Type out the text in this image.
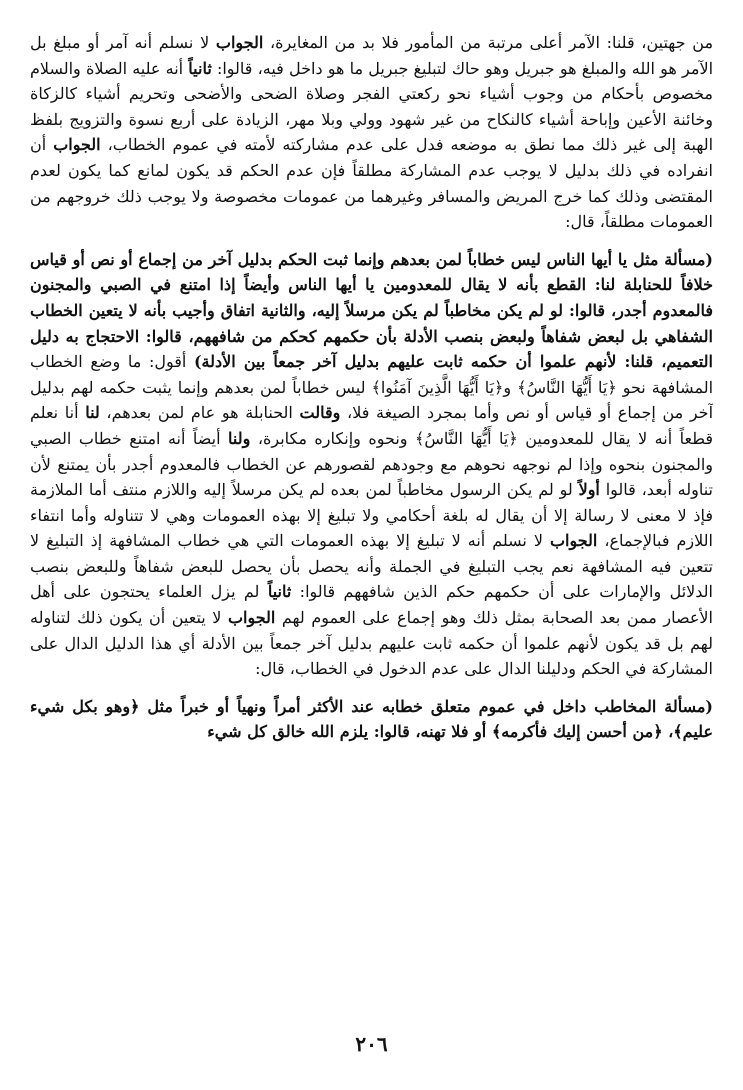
من جهتين، قلنا: الآمر أعلى مرتبة من المأمور فلا بد من المغايرة، الجواب لا نسلم أنه آمر أو مبلغ بل الآمر هو الله والمبلغ هو جبريل وهو حاك لتبليغ جبريل ما هو داخل فيه، قالوا: ثانياً أنه عليه الصلاة والسلام مخصوص بأحكام من وجوب أشياء نحو ركعتي الفجر وصلاة الضحى والأضحى وتحريم أشياء كالزكاة وخائنة الأعين وإباحة أشياء كالنكاح من غير شهود وولي وبلا مهر، الزيادة على أربع نسوة والتزويج بلفظ الهبة إلى غير ذلك مما نطق به موضعه فدل على عدم مشاركته لأمته في عموم الخطاب، الجواب أن انفراده في ذلك بدليل لا يوجب عدم المشاركة مطلقاً فإن عدم الحكم قد يكون لمانع كما يكون لعدم المقتضى وذلك كما خرج المريض والمسافر وغيرهما من عمومات مخصوصة ولا يوجب ذلك خروجهم من العمومات مطلقاً، قال:

(مسألة مثل يا أيها الناس ليس خطاباً لمن بعدهم وإنما ثبت الحكم بدليل آخر من إجماع أو نص أو قياس خلافاً للحنابلة لنا: القطع بأنه لا يقال للمعدومين يا أيها الناس وأيضاً إذا امتنع في الصبي والمجنون فالمعدوم أجدر، قالوا: لو لم يكن مخاطباً لم يكن مرسلاً إليه، والثانية اتفاق وأجيب بأنه لا يتعين الخطاب الشفاهي بل لبعض شفاهاً ولبعض بنصب الأدلة بأن حكمهم كحكم من شافههم، قالوا: الاحتجاج به دليل التعميم، قلنا: لأنهم علموا أن حكمه ثابت عليهم بدليل آخر جمعاً بين الأدلة) أقول: ما وضع الخطاب المشافهة نحو ﴿يَا أَيُّهَا النَّاسُ﴾ و﴿يَا أَيُّهَا الَّذِينَ آمَنُوا﴾ ليس خطاباً لمن بعدهم وإنما يثبت حكمه لهم بدليل آخر من إجماع أو قياس أو نص وأما بمجرد الصيغة فلا، وقالت الحنابلة هو عام لمن بعدهم، لنا أنا نعلم قطعاً أنه لا يقال للمعدومين ﴿يَا أَيُّهَا النَّاسُ﴾ ونحوه وإنكاره مكابرة، ولنا أيضاً أنه امتنع خطاب الصبي والمجنون بنحوه وإذا لم نوجهه نحوهم مع وجودهم لقصورهم عن الخطاب فالمعدوم أجدر بأن يمتنع لأن تناوله أبعد، قالوا أولاً لو لم يكن الرسول مخاطباً لمن بعده لم يكن مرسلاً إليه واللازم منتف أما الملازمة فإذ لا معنى لا رسالة إلا أن يقال له بلغة أحكامي ولا تبليغ إلا بهذه العمومات وهي لا تتناوله وأما انتفاء اللازم فبالإجماع، الجواب لا نسلم أنه لا تبليغ إلا بهذه العمومات التي هي خطاب المشافهة إذ التبليغ لا تتعين فيه المشافهة نعم يجب التبليغ في الجملة وأنه يحصل بأن يحصل للبعض شفاهاً وللبعض بنصب الدلائل والإمارات على أن حكمهم حكم الذين شافههم قالوا: ثانياً لم يزل العلماء يحتجون على أهل الأعصار ممن بعد الصحابة بمثل ذلك وهو إجماع على العموم لهم الجواب لا يتعين أن يكون ذلك لتناوله لهم بل قد يكون لأنهم علموا أن حكمه ثابت عليهم بدليل آخر جمعاً بين الأدلة أي هذا الدليل الدال على المشاركة في الحكم ودليلنا الدال على عدم الدخول في الخطاب، قال:

(مسألة المخاطب داخل في عموم متعلق خطابه عند الأكثر أمراً ونهياً أو خبراً مثل ﴿وهو بكل شيء عليم﴾، ﴿من أحسن إليك فأكرمه﴾ أو فلا تهنه، قالوا: يلزم الله خالق كل شيء

٢٠٦
